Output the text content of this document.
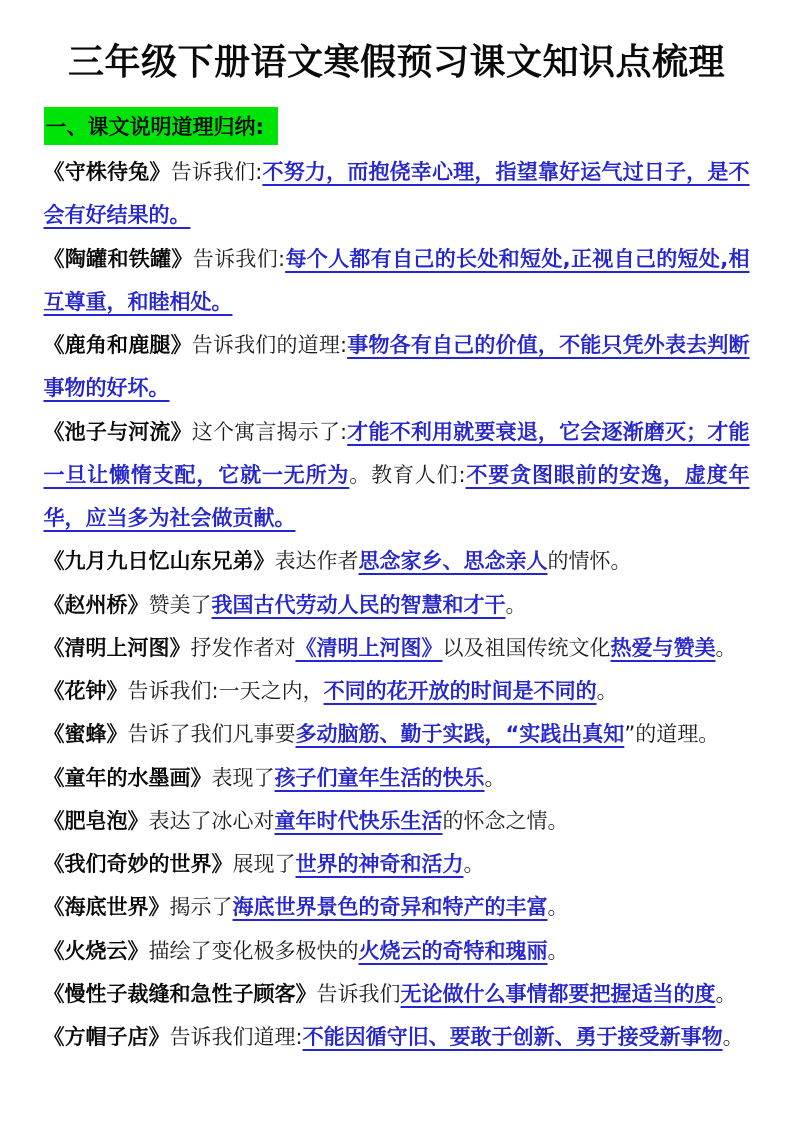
三年级下册语文寒假预习课文知识点梳理
一、课文说明道理归纳:

《守株待兔》告诉我们:不努力，而抱侥幸心理，指望靠好运气过日子，是不会有好结果的。

《陶罐和铁罐》告诉我们:每个人都有自己的长处和短处,正视自己的短处,相互尊重，和睦相处。

《鹿角和鹿腿》告诉我们的道理:事物各有自己的价值，不能只凭外表去判断事物的好坏。

《池子与河流》这个寓言揭示了:才能不利用就要衰退，它会逐渐磨灭；才能一旦让懒惰支配，它就一无所为。教育人们:不要贪图眼前的安逸，虚度年华，应当多为社会做贡献。

《九月九日忆山东兄弟》表达作者思念家乡、思念亲人的情怀。

《赵州桥》赞美了我国古代劳动人民的智慧和才干。

《清明上河图》抒发作者对《清明上河图》以及祖国传统文化热爱与赞美。

《花钟》告诉我们:一天之内，不同的花开放的时间是不同的。

《蜜蜂》告诉了我们凡事要多动脑筋、勤于实践，“实践出真知”的道理。

《童年的水墨画》表现了孩子们童年生活的快乐。

《肥皂泡》表达了冰心对童年时代快乐生活的怀念之情。

《我们奇妙的世界》展现了世界的神奇和活力。

《海底世界》揭示了海底世界景色的奇异和特产的丰富。

《火烧云》描绘了变化极多极快的火烧云的奇特和瑰丽。

《慢性子裁缝和急性子顾客》告诉我们无论做什么事情都要把握适当的度。

《方帽子店》告诉我们道理:不能因循守旧、要敢于创新、勇于接受新事物。
